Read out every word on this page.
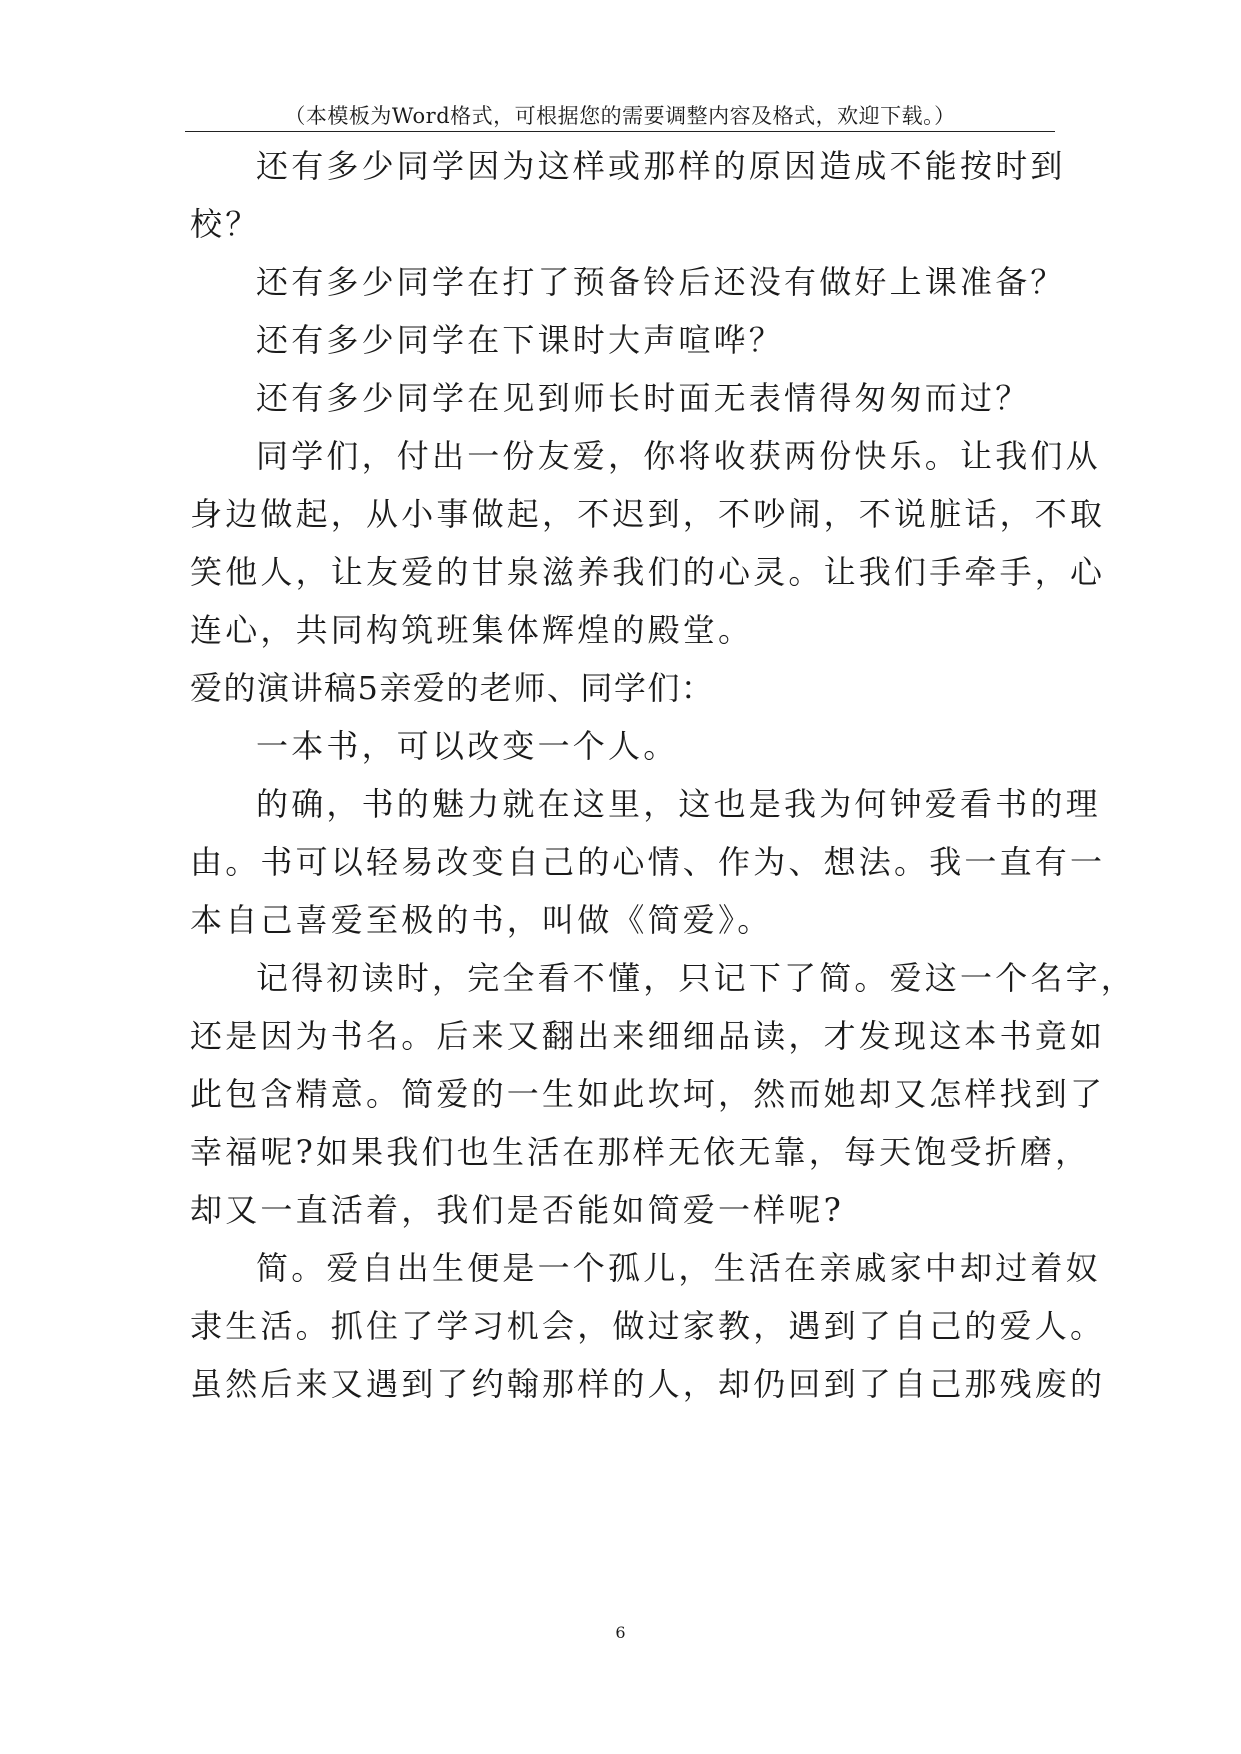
（本模板为Word格式，可根据您的需要调整内容及格式，欢迎下载。）
还有多少同学因为这样或那样的原因造成不能按时到
校？
还有多少同学在打了预备铃后还没有做好上课准备？
还有多少同学在下课时大声喧哗？
还有多少同学在见到师长时面无表情得匆匆而过？
同学们，付出一份友爱，你将收获两份快乐。让我们从
身边做起，从小事做起，不迟到，不吵闹，不说脏话，不取
笑他人，让友爱的甘泉滋养我们的心灵。让我们手牵手，心
连心，共同构筑班集体辉煌的殿堂。
爱的演讲稿5亲爱的老师、同学们：
一本书，可以改变一个人。
的确，书的魅力就在这里，这也是我为何钟爱看书的理
由。书可以轻易改变自己的心情、作为、想法。我一直有一
本自己喜爱至极的书，叫做《简爱》。
记得初读时，完全看不懂，只记下了简。爱这一个名字，
还是因为书名。后来又翻出来细细品读，才发现这本书竟如
此包含精意。简爱的一生如此坎坷，然而她却又怎样找到了
幸福呢?如果我们也生活在那样无依无靠，每天饱受折磨，
却又一直活着，我们是否能如简爱一样呢?
简。爱自出生便是一个孤儿，生活在亲戚家中却过着奴
隶生活。抓住了学习机会，做过家教，遇到了自己的爱人。
虽然后来又遇到了约翰那样的人，却仍回到了自己那残废的
6
